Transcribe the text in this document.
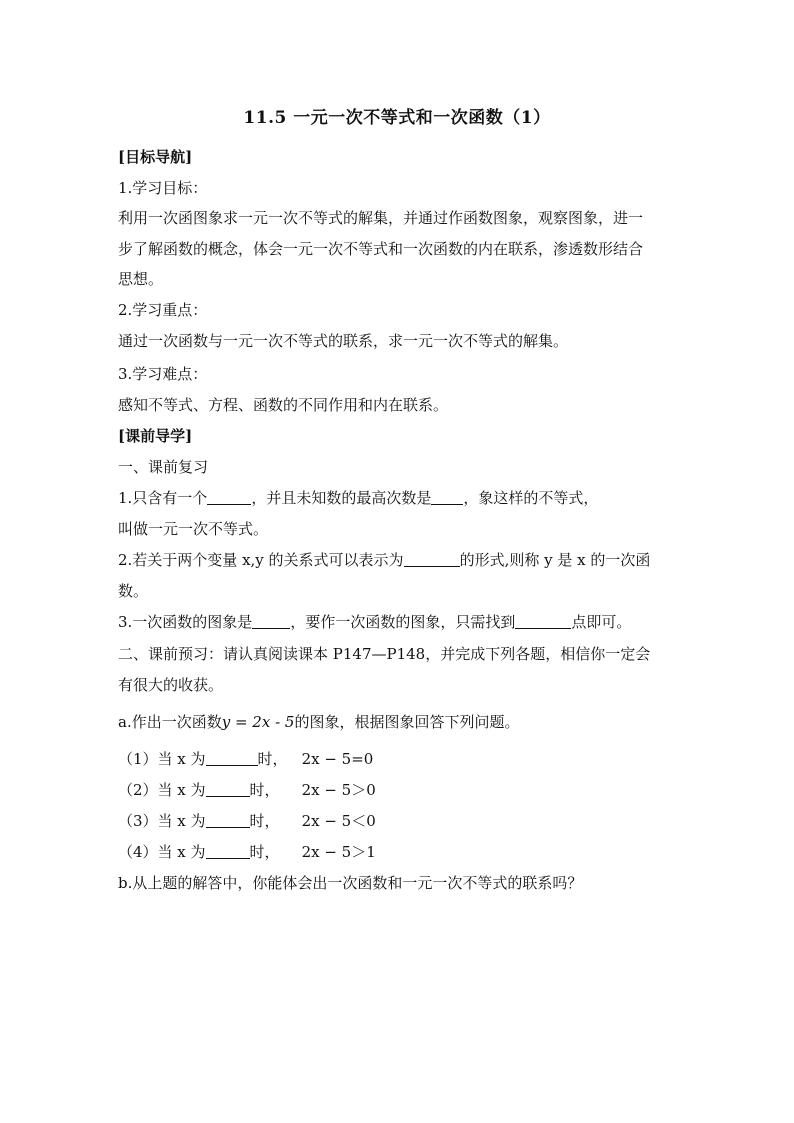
11.5 一元一次不等式和一次函数（1）
[目标导航]
1.学习目标：
利用一次函图象求一元一次不等式的解集，并通过作函数图象，观察图象，进一
步了解函数的概念，体会一元一次不等式和一次函数的内在联系，渗透数形结合
思想。
2.学习重点：
通过一次函数与一元一次不等式的联系，求一元一次不等式的解集。
3.学习难点：
感知不等式、方程、函数的不同作用和内在联系。
[课前导学]
一、课前复习
1.只含有一个	，并且未知数的最高次数是 ，象这样的不等式，
叫做一元一次不等式。
2.若关于两个变量 x,y 的关系式可以表示为	的形式,则称 y 是 x 的一次函
数。
3.一次函数的图象是	，要作一次函数的图象，只需找到	点即可。
二、课前预习：请认真阅读课本 P147—P148，并完成下列各题，相信你一定会
有很大的收获。
a.作出一次函数y = 2x - 5的图象，根据图象回答下列问题。
（1）当 x 为	时， 2x − 5=0
（2）当 x 为	时， 2x − 5＞0
（3）当 x 为	时， 2x − 5＜0
（4）当 x 为	时， 2x − 5＞1
b.从上题的解答中，你能体会出一次函数和一元一次不等式的联系吗？
